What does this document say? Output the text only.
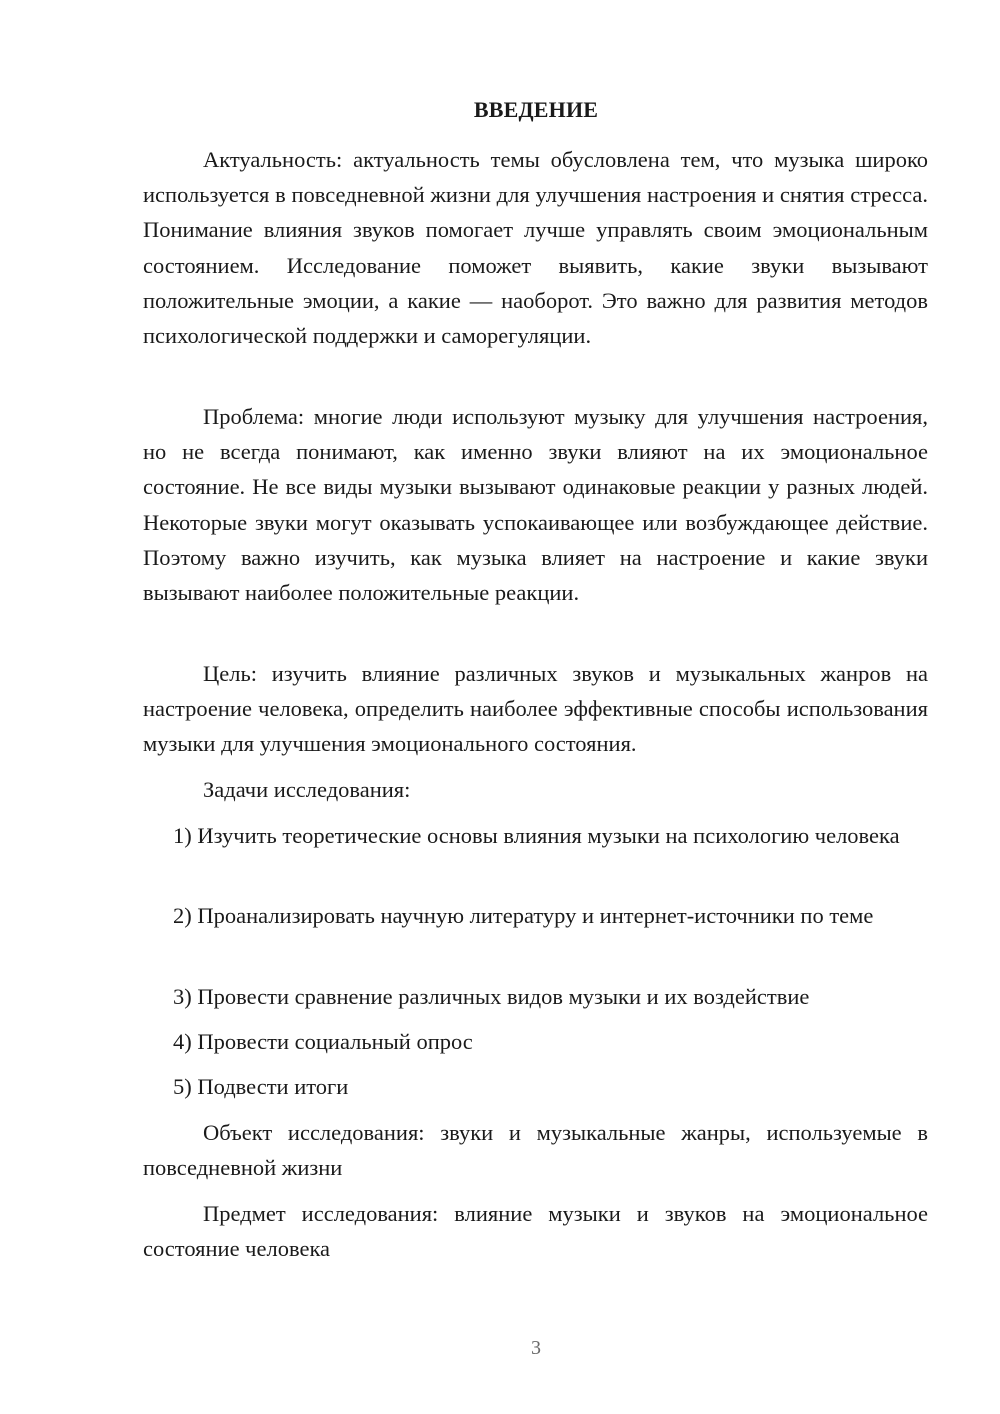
ВВЕДЕНИЕ

Актуальность: актуальность темы обусловлена тем, что музыка широко используется в повседневной жизни для улучшения настроения и снятия стресса. Понимание влияния звуков помогает лучше управлять своим эмоциональным состоянием. Исследование поможет выявить, какие звуки вызывают положительные эмоции, а какие — наоборот. Это важно для развития методов психологической поддержки и саморегуляции.

Проблема: многие люди используют музыку для улучшения настроения, но не всегда понимают, как именно звуки влияют на их эмоциональное состояние. Не все виды музыки вызывают одинаковые реакции у разных людей. Некоторые звуки могут оказывать успокаивающее или возбуждающее действие. Поэтому важно изучить, как музыка влияет на настроение и какие звуки вызывают наиболее положительные реакции.

Цель: изучить влияние различных звуков и музыкальных жанров на настроение человека, определить наиболее эффективные способы использования музыки для улучшения эмоционального состояния.

Задачи исследования:

1) Изучить теоретические основы влияния музыки на психологию человека

2) Проанализировать научную литературу и интернет-источники по теме

3) Провести сравнение различных видов музыки и их воздействие

4) Провести социальный опрос

5) Подвести итоги

Объект исследования: звуки и музыкальные жанры, используемые в повседневной жизни

Предмет исследования: влияние музыки и звуков на эмоциональное состояние человека

3
